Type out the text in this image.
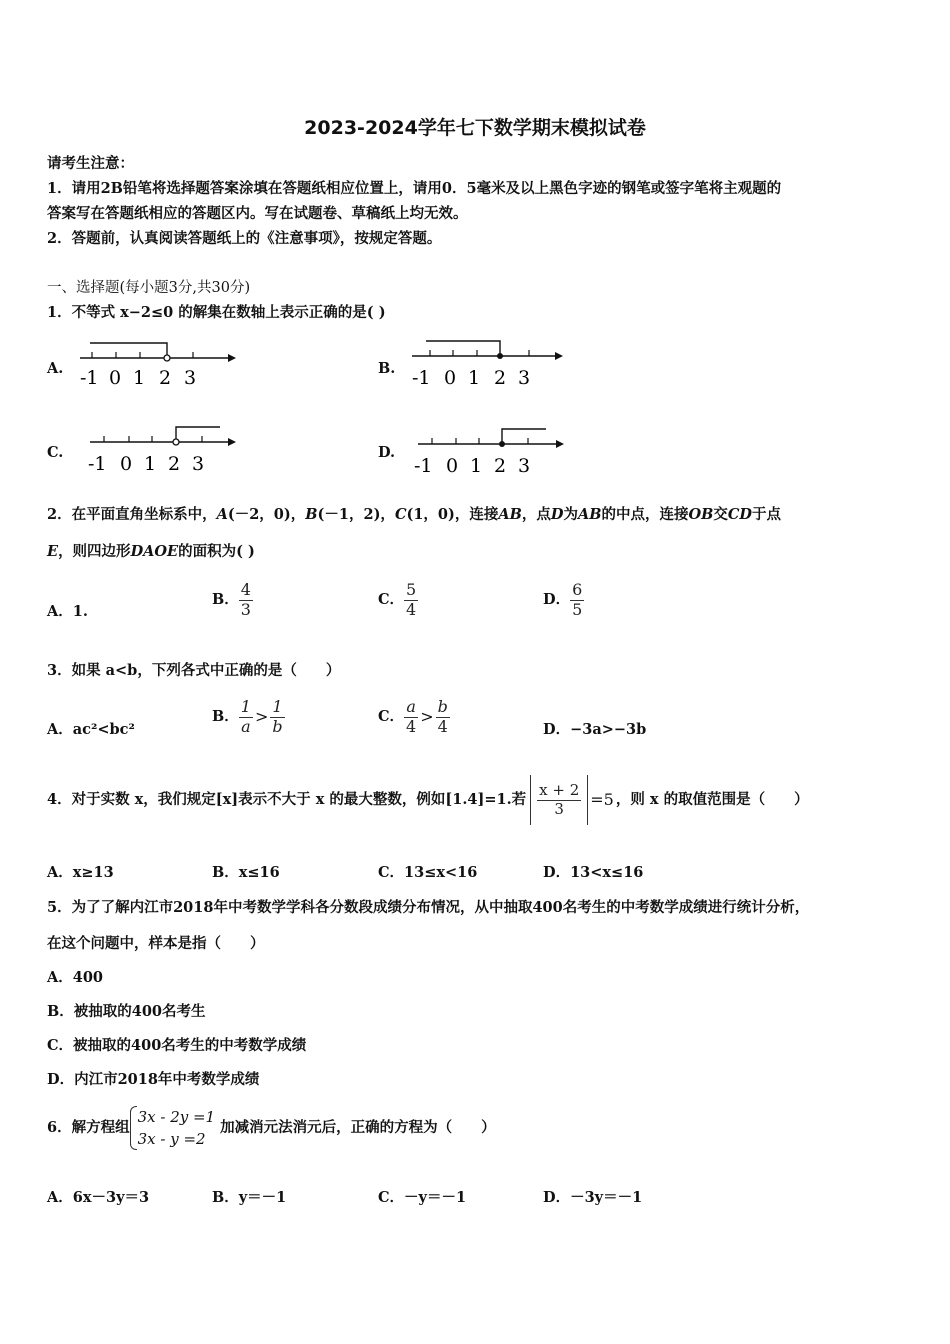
2023-2024学年七下数学期末模拟试卷
请考生注意：
1．请用2B铅笔将选择题答案涂填在答题纸相应位置上，请用0．5毫米及以上黑色字迹的钢笔或签字笔将主观题的
答案写在答题纸相应的答题区内。写在试题卷、草稿纸上均无效。
2．答题前，认真阅读答题纸上的《注意事项》，按规定答题。
一、选择题(每小题3分,共30分)
1．不等式 x−2≤0 的解集在数轴上表示正确的是( )
A.	B.
C.	D.
-1 0 1 2 3	-1 0 1 2 3
-1 0 1 2 3	-1 0 1 2 3
2．在平面直角坐标系中，A(－2，0)，B(－1，2)，C(1，0)，连接AB，点D为AB的中点，连接OB交CD于点
E，则四边形DAOE的面积为( )
A．1.
B． $\frac{4}{3}$	C． $\frac{5}{4}$	D． $\frac{6}{5}$
3．如果 a<b，下列各式中正确的是（　　）
A．ac²<bc²
B． $\frac{1}{a} > \frac{1}{b}$	C． $\frac{a}{4} > \frac{b}{4}$	D．−3a>−3b
4．对于实数 x，我们规定[x]表示不大于 x 的最大整数，例如[1.4]=1.若 $\frac{x + 2}{3} =5$ ，则 x 的取值范围是（　　）
A．x≥13	B．x≤16	C．13≤x<16	D．13<x≤16
5．为了了解内江市2018年中考数学学科各分数段成绩分布情况，从中抽取400名考生的中考数学成绩进行统计分析，
在这个问题中，样本是指（　　）
A．400
B．被抽取的400名考生
C．被抽取的400名考生的中考数学成绩
D．内江市2018年中考数学成绩
6．解方程组
3x - 2y =1
3x - y =2
加减消元法消元后，正确的方程为（　　）
A．6x－3y＝3	B．y＝－1	C．－y＝－1	D．－3y＝－1
